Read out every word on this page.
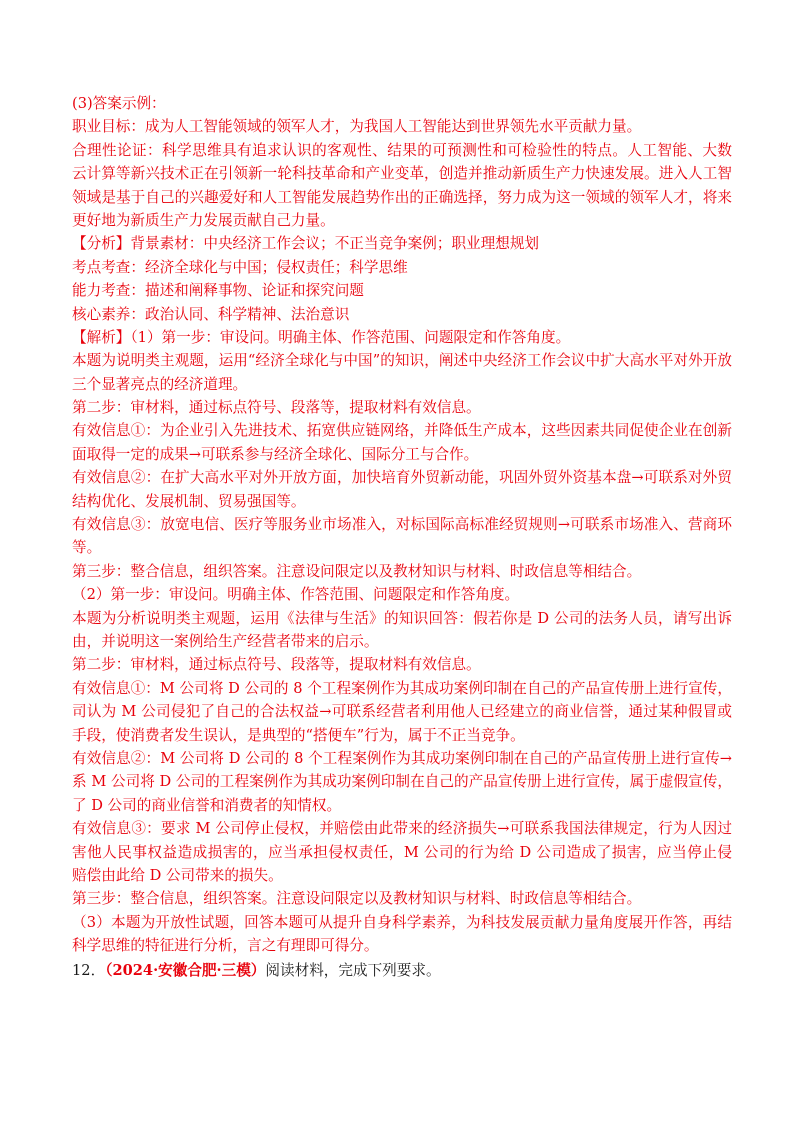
(3)答案示例：
职业目标：成为人工智能领域的领军人才，为我国人工智能达到世界领先水平贡献力量。
合理性论证：科学思维具有追求认识的客观性、结果的可预测性和可检验性的特点。人工智能、大数
云计算等新兴技术正在引领新一轮科技革命和产业变革，创造并推动新质生产力快速发展。进入人工智
领域是基于自己的兴趣爱好和人工智能发展趋势作出的正确选择，努力成为这一领域的领军人才，将来
更好地为新质生产力发展贡献自己力量。
【分析】背景素材：中央经济工作会议；不正当竞争案例；职业理想规划
考点考查：经济全球化与中国；侵权责任；科学思维
能力考查：描述和阐释事物、论证和探究问题
核心素养：政治认同、科学精神、法治意识
【解析】（1）第一步：审设问。明确主体、作答范围、问题限定和作答角度。
本题为说明类主观题，运用“经济全球化与中国”的知识，阐述中央经济工作会议中扩大高水平对外开放
三个显著亮点的经济道理。
第二步：审材料，通过标点符号、段落等，提取材料有效信息。
有效信息①：为企业引入先进技术、拓宽供应链网络，并降低生产成本，这些因素共同促使企业在创新
面取得一定的成果→可联系参与经济全球化、国际分工与合作。
有效信息②：在扩大高水平对外开放方面，加快培育外贸新动能，巩固外贸外资基本盘→可联系对外贸
结构优化、发展机制、贸易强国等。
有效信息③：放宽电信、医疗等服务业市场准入，对标国际高标准经贸规则→可联系市场准入、营商环
等。
第三步：整合信息，组织答案。注意设问限定以及教材知识与材料、时政信息等相结合。
（2）第一步：审设问。明确主体、作答范围、问题限定和作答角度。
本题为分析说明类主观题，运用《法律与生活》的知识回答：假若你是 D 公司的法务人员，请写出诉
由，并说明这一案例给生产经营者带来的启示。
第二步：审材料，通过标点符号、段落等，提取材料有效信息。
有效信息①：M 公司将 D 公司的 8 个工程案例作为其成功案例印制在自己的产品宣传册上进行宣传，
司认为 M 公司侵犯了自己的合法权益→可联系经营者利用他人已经建立的商业信誉，通过某种假冒或
手段，使消费者发生误认，是典型的“搭便车”行为，属于不正当竞争。
有效信息②：M 公司将 D 公司的 8 个工程案例作为其成功案例印制在自己的产品宣传册上进行宣传→
系 M 公司将 D 公司的工程案例作为其成功案例印制在自己的产品宣传册上进行宣传，属于虚假宣传，
了 D 公司的商业信誉和消费者的知情权。
有效信息③：要求 M 公司停止侵权，并赔偿由此带来的经济损失→可联系我国法律规定，行为人因过
害他人民事权益造成损害的，应当承担侵权责任，M 公司的行为给 D 公司造成了损害，应当停止侵
赔偿由此给 D 公司带来的损失。
第三步：整合信息，组织答案。注意设问限定以及教材知识与材料、时政信息等相结合。
（3）本题为开放性试题，回答本题可从提升自身科学素养，为科技发展贡献力量角度展开作答，再结
科学思维的特征进行分析，言之有理即可得分。
12．（2024·安徽合肥·三模）阅读材料，完成下列要求。
